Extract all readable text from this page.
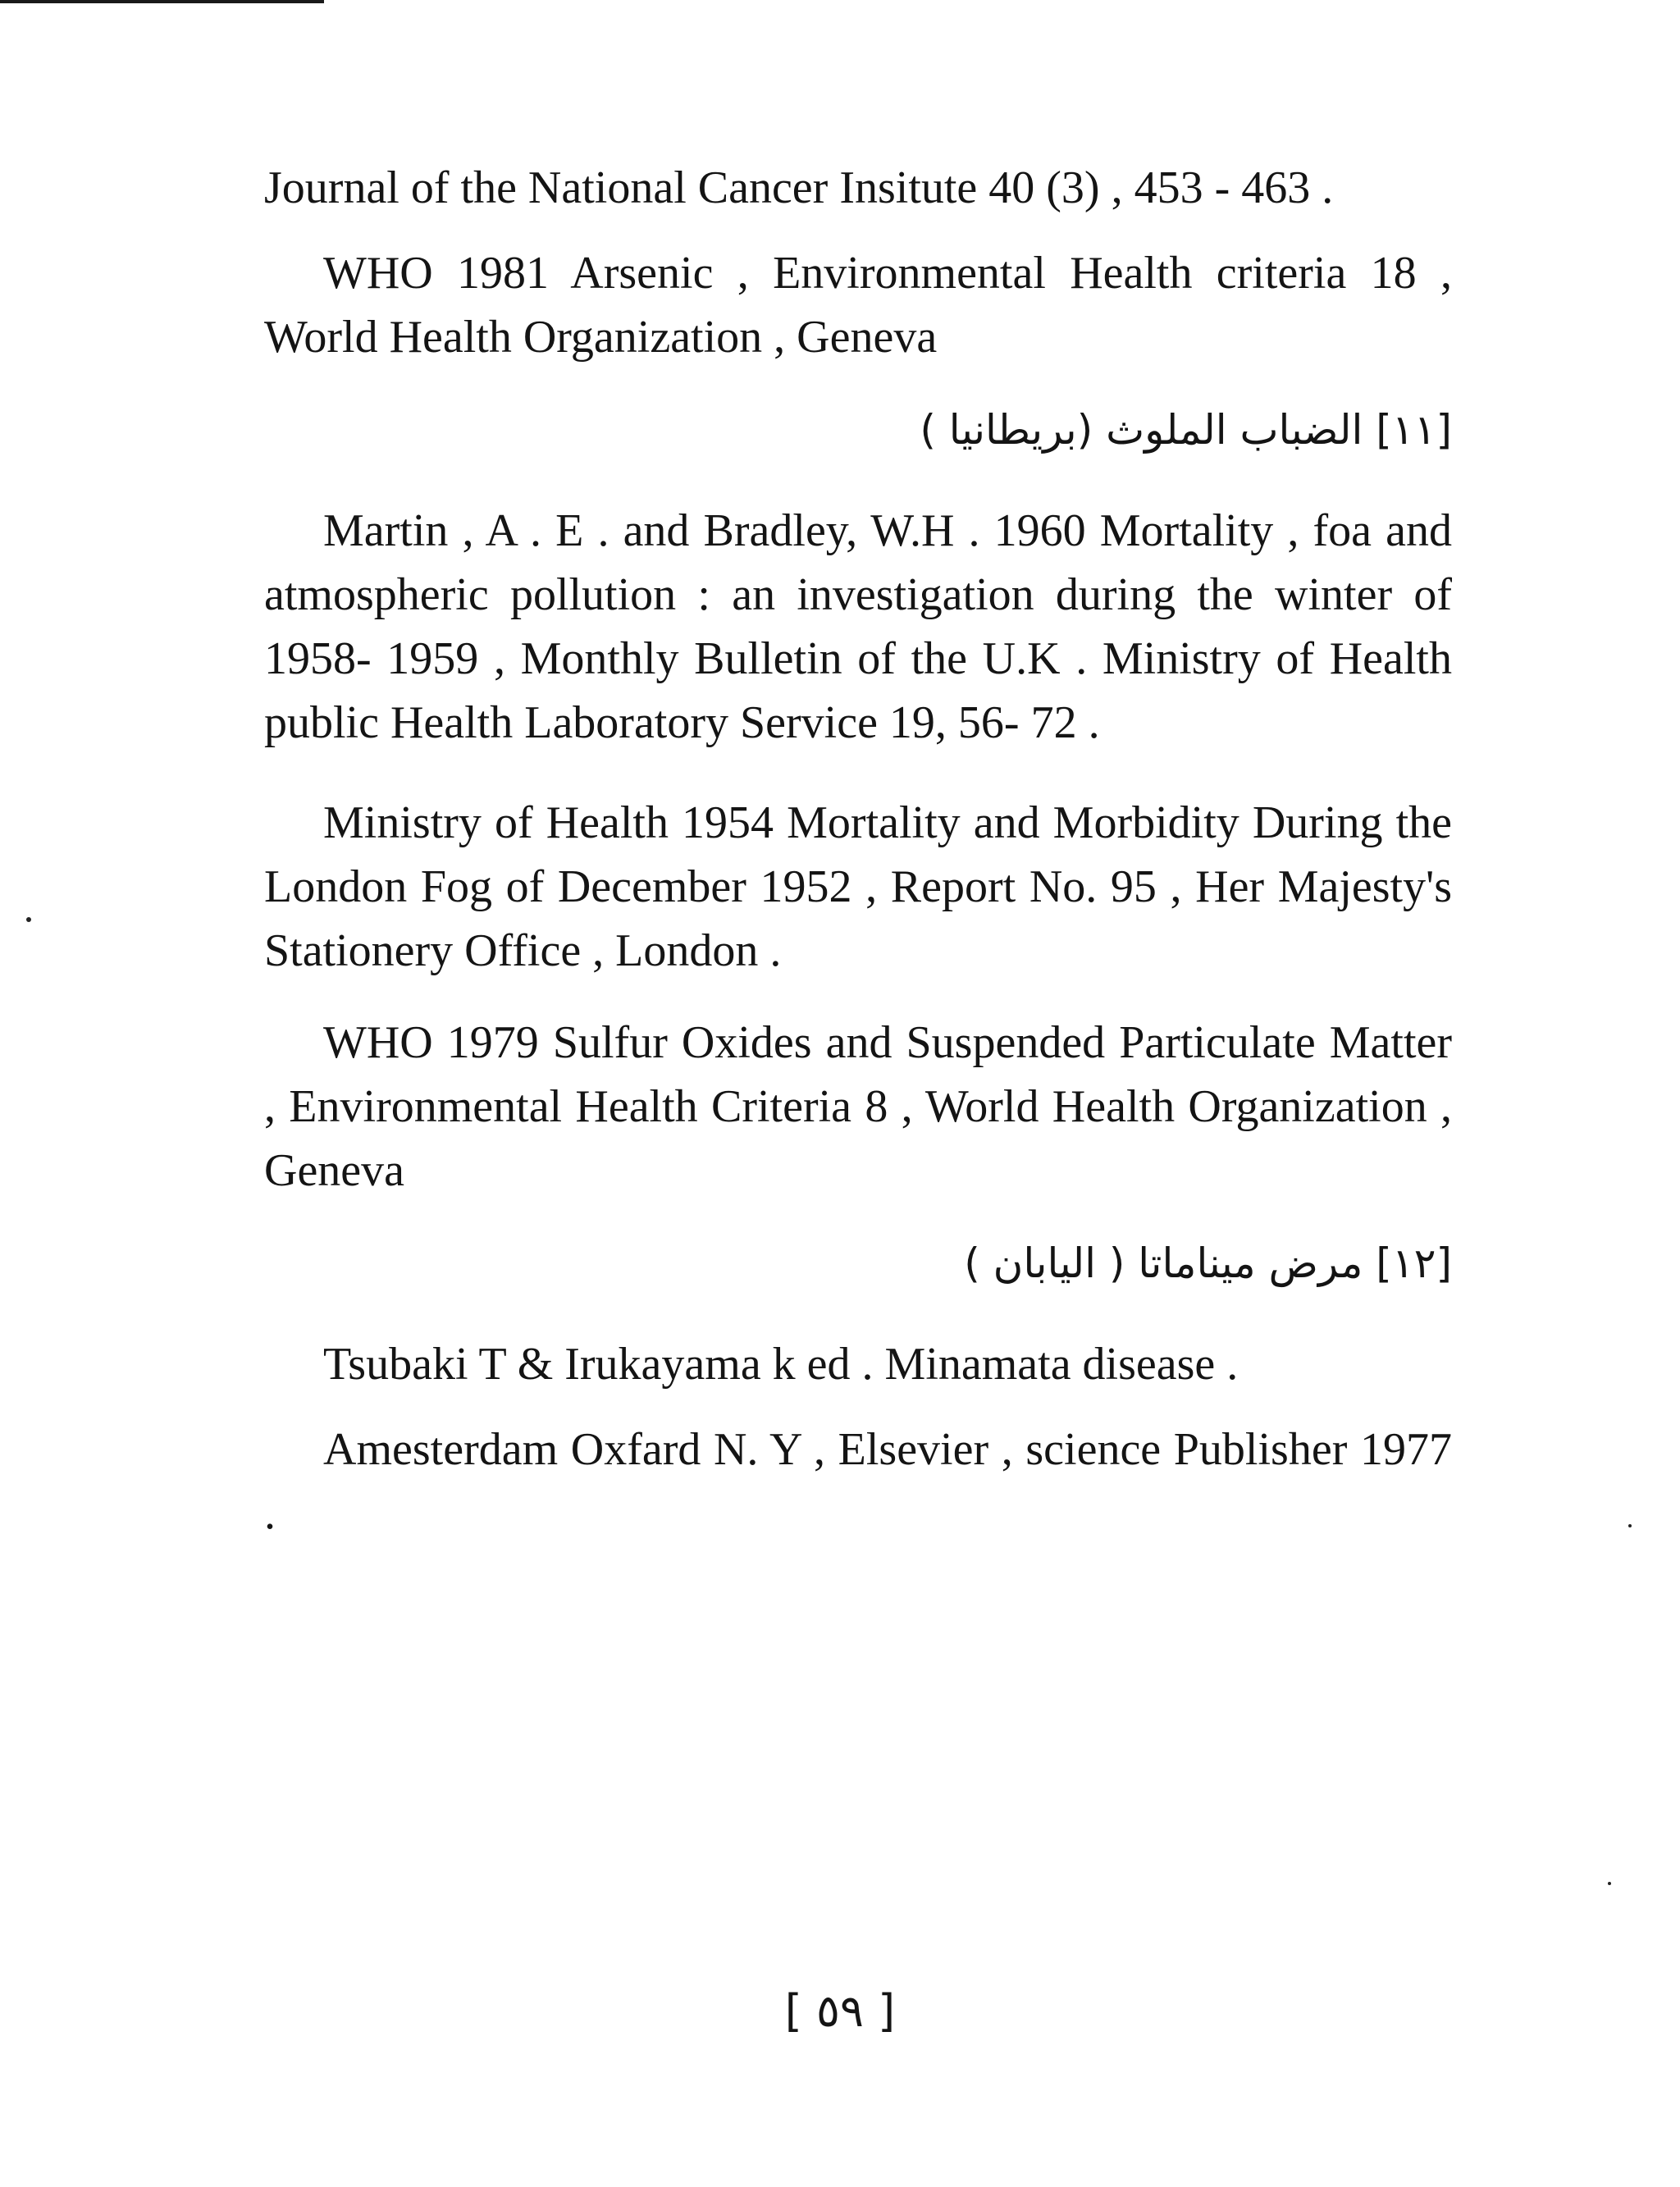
Journal of the National Cancer Insitute 40 (3) , 453 - 463 .

WHO 1981 Arsenic , Environmental Health criteria 18 , World Health Organization , Geneva

[١١] الضباب الملوث (بريطانيا )

Martin , A . E . and Bradley, W.H . 1960 Mortality , foa and atmospheric pollution : an investigation during the winter of 1958- 1959 , Monthly Bulletin of the U.K . Ministry of Health public Health Laboratory Service 19, 56- 72 .

Ministry of Health 1954 Mortality and Morbidity During the London Fog of December 1952 , Report No. 95 , Her Majesty's Stationery Office , London .

WHO 1979 Sulfur Oxides and Suspended Particulate Matter , Environmental Health Criteria 8 , World Health Organization , Geneva

[١٢] مرض ميناماتا ( اليابان )

Tsubaki T & Irukayama k ed . Minamata disease .

Amesterdam Oxfard N. Y , Elsevier , science Publisher 1977 .

[ ٥٩ ]
